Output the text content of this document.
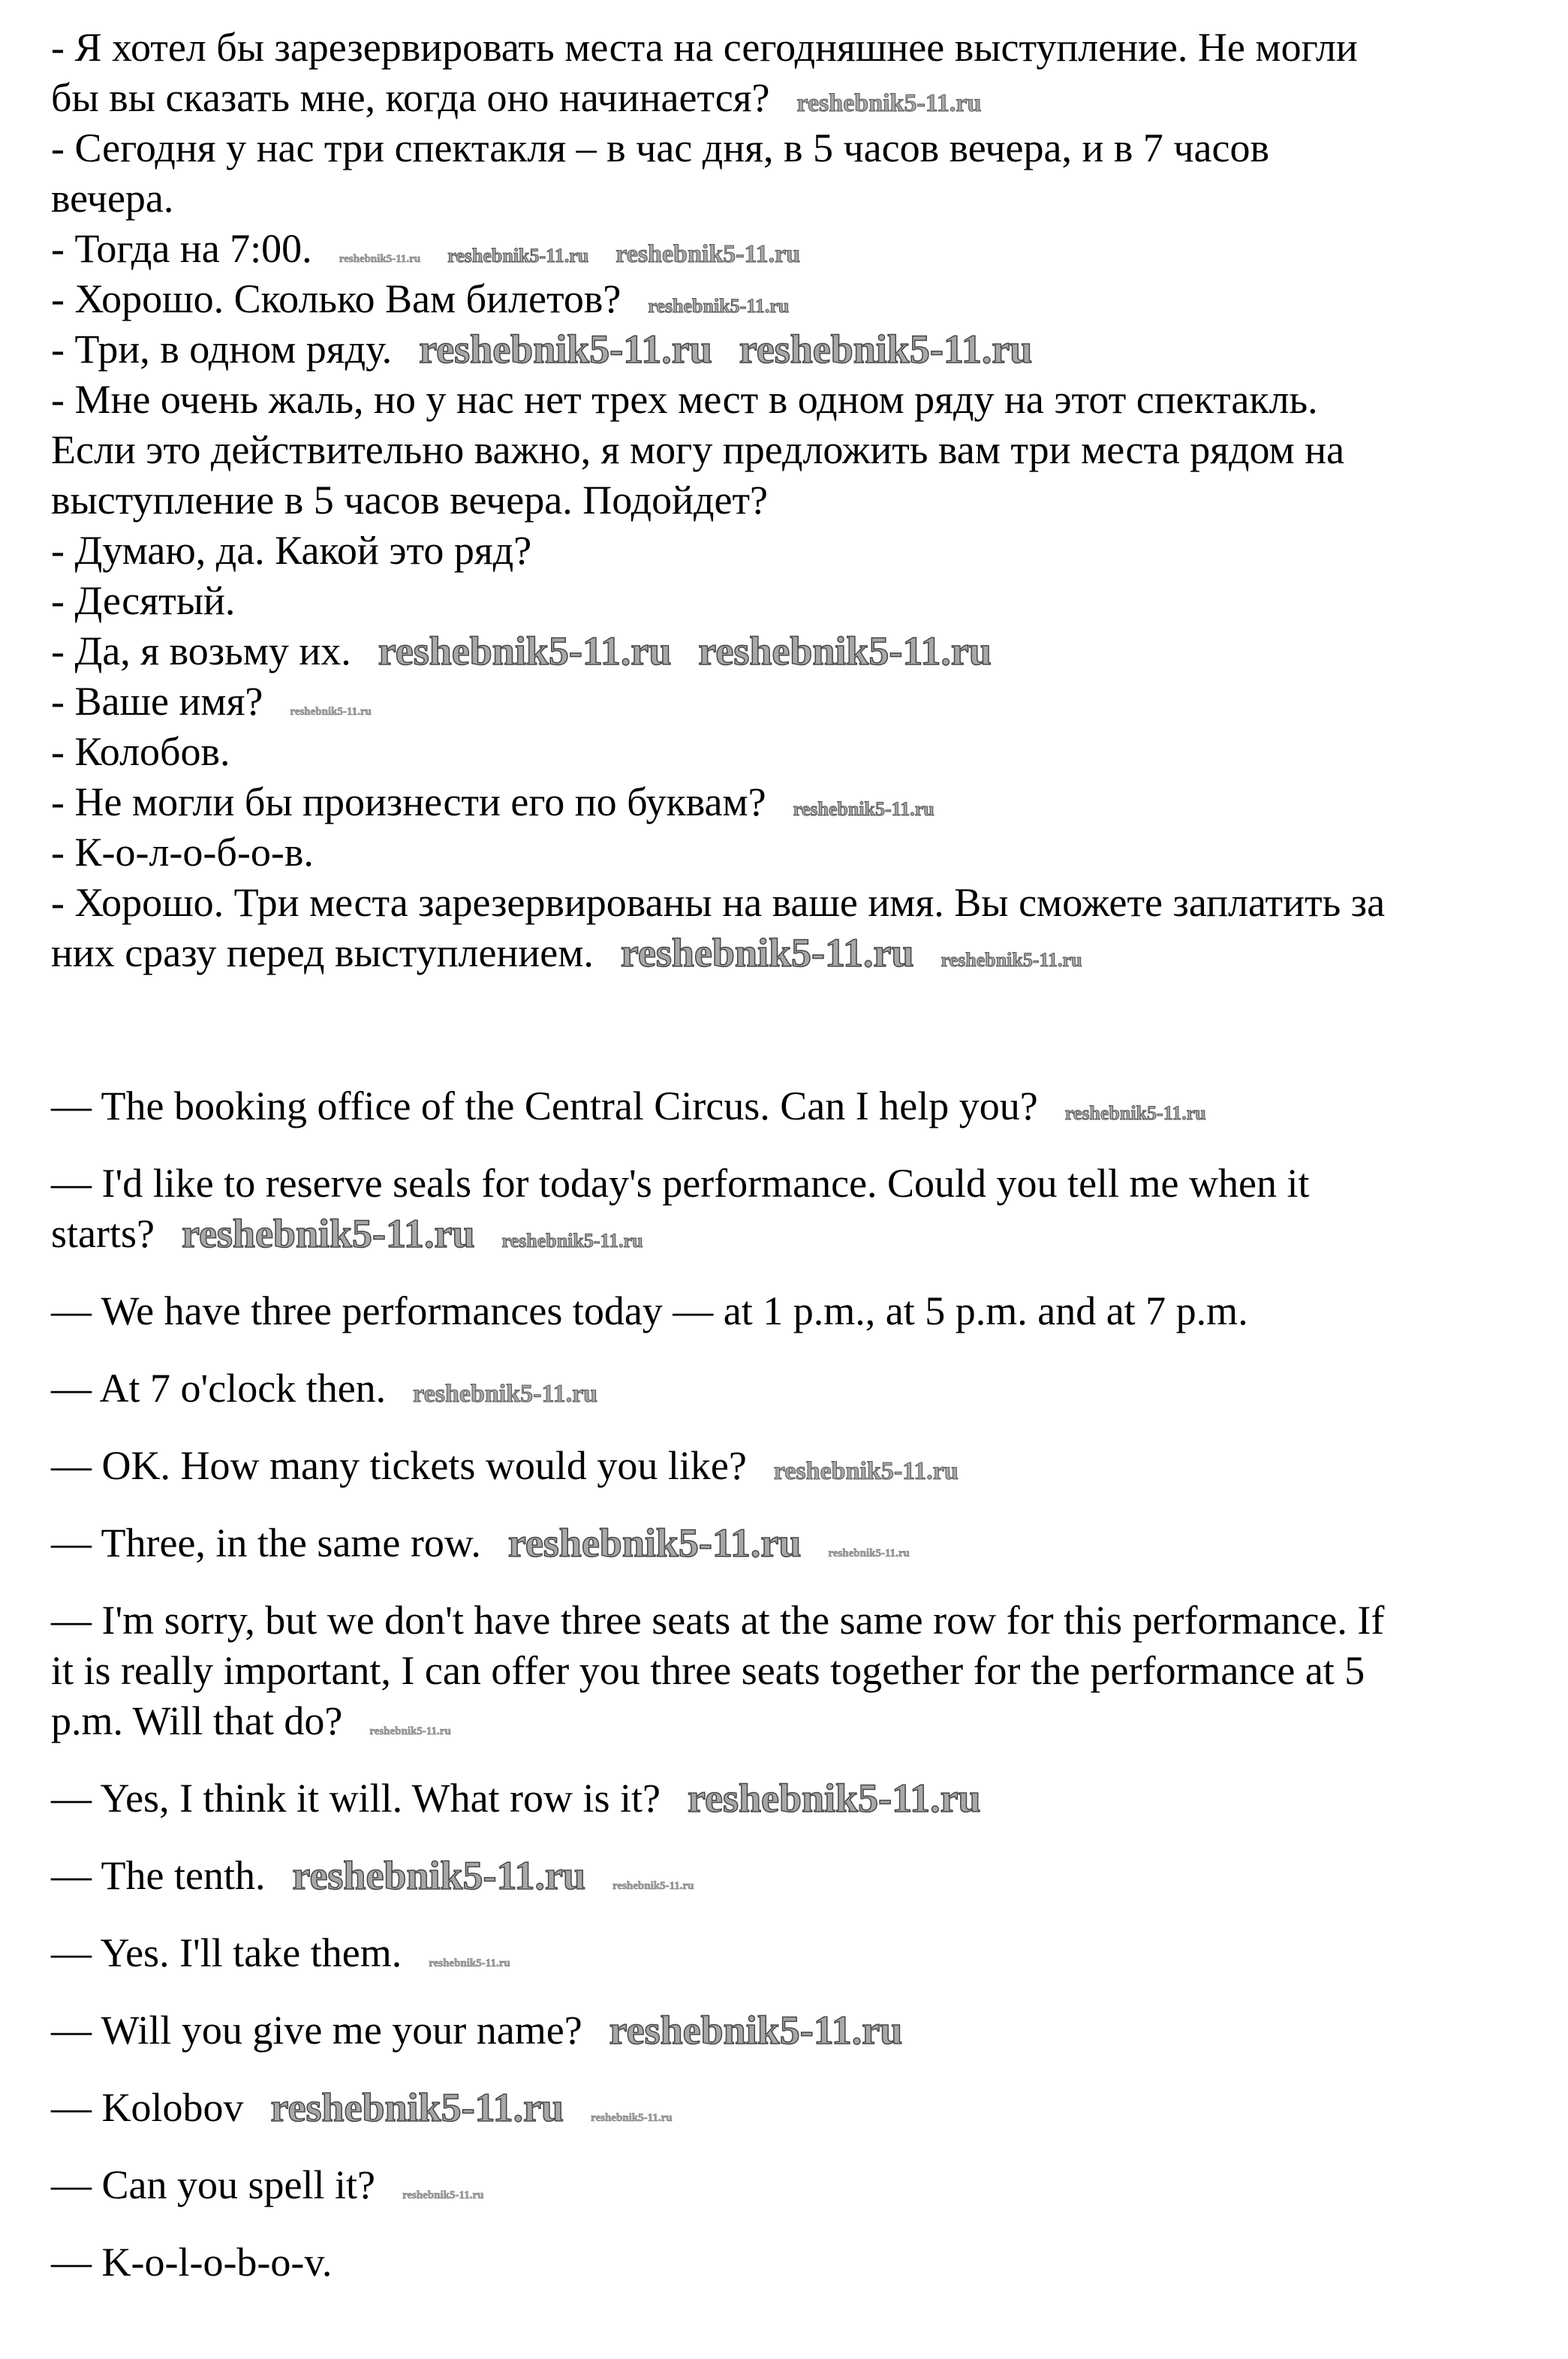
- Я хотел бы зарезервировать места на сегодняшнее выступление. Не могли
бы вы сказать мне, когда оно начинается? reshebnik5-11.ru
- Сегодня у нас три спектакля – в час дня, в 5 часов вечера, и в 7 часов
вечера.
- Тогда на 7:00. reshebnik5-11.ru reshebnik5-11.ru reshebnik5-11.ru
- Хорошо. Сколько Вам билетов? reshebnik5-11.ru
- Три, в одном ряду. reshebnik5-11.ru reshebnik5-11.ru
- Мне очень жаль, но у нас нет трех мест в одном ряду на этот спектакль.
Если это действительно важно, я могу предложить вам три места рядом на
выступление в 5 часов вечера. Подойдет?
- Думаю, да. Какой это ряд?
- Десятый.
- Да, я возьму их. reshebnik5-11.ru reshebnik5-11.ru
- Ваше имя? reshebnik5-11.ru
- Колобов.
- Не могли бы произнести его по буквам? reshebnik5-11.ru
- К-о-л-о-б-о-в.
- Хорошо. Три места зарезервированы на ваше имя. Вы сможете заплатить за
них сразу перед выступлением. reshebnik5-11.ru reshebnik5-11.ru
— The booking office of the Central Circus. Can I help you? reshebnik5-11.ru
— I'd like to reserve seals for today's performance. Could you tell me when it
starts? reshebnik5-11.ru reshebnik5-11.ru
— We have three performances today — at 1 p.m., at 5 p.m. and at 7 p.m.
— At 7 o'clock then. reshebnik5-11.ru
— OK. How many tickets would you like? reshebnik5-11.ru
— Three, in the same row. reshebnik5-11.ru reshebnik5-11.ru
— I'm sorry, but we don't have three seats at the same row for this performance. If
it is really important, I can offer you three seats together for the performance at 5
p.m. Will that do? reshebnik5-11.ru
— Yes, I think it will. What row is it? reshebnik5-11.ru
— The tenth. reshebnik5-11.ru reshebnik5-11.ru
— Yes. I'll take them. reshebnik5-11.ru
— Will you give me your name? reshebnik5-11.ru
— Kolobov reshebnik5-11.ru reshebnik5-11.ru
— Can you spell it? reshebnik5-11.ru
— K-o-l-o-b-o-v.
